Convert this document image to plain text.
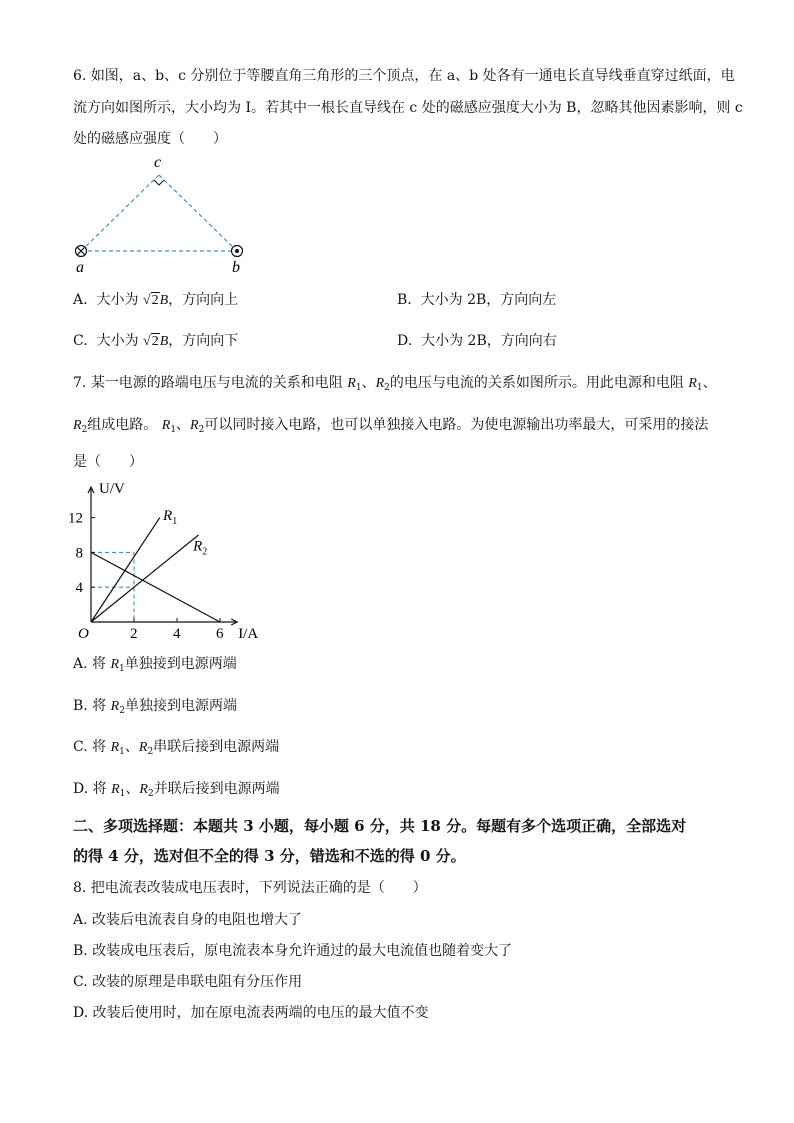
6. 如图，a、b、c 分别位于等腰直角三角形的三个顶点，在 a、b 处各有一通电长直导线垂直穿过纸面，电
流方向如图所示，大小均为 I。若其中一根长直导线在 c 处的磁感应强度大小为 B，忽略其他因素影响，则 c
处的磁感应强度（　　）
a	b
c
A. 大小为 √2B，方向向上	B. 大小为 2B，方向向左
C. 大小为 √2B，方向向下	D. 大小为 2B，方向向右
7. 某一电源的路端电压与电流的关系和电阻 $R_1$、$R_2$的电压与电流的关系如图所示。用此电源和电阻 $R_1$、
$R_2$组成电路。 $R_1$、$R_2$可以同时接入电路，也可以单独接入电路。为使电源输出功率最大，可采用的接法
是（　　）
2 4 6
4
8
12
O
U/V
I/A
$R_1$
$R_2$
A. 将 $R_1$单独接到电源两端
B. 将 $R_2$单独接到电源两端
C. 将 $R_1$、$R_2$串联后接到电源两端
D. 将 $R_1$、$R_2$并联后接到电源两端
二、多项选择题：本题共 3 小题，每小题 6 分，共 18 分。每题有多个选项正确，全部选对
的得 4 分，选对但不全的得 3 分，错选和不选的得 0 分。
8. 把电流表改装成电压表时，下列说法正确的是（　　）
A. 改装后电流表自身的电阻也增大了
B. 改装成电压表后，原电流表本身允许通过的最大电流值也随着变大了
C. 改装的原理是串联电阻有分压作用
D. 改装后使用时，加在原电流表两端的电压的最大值不变
